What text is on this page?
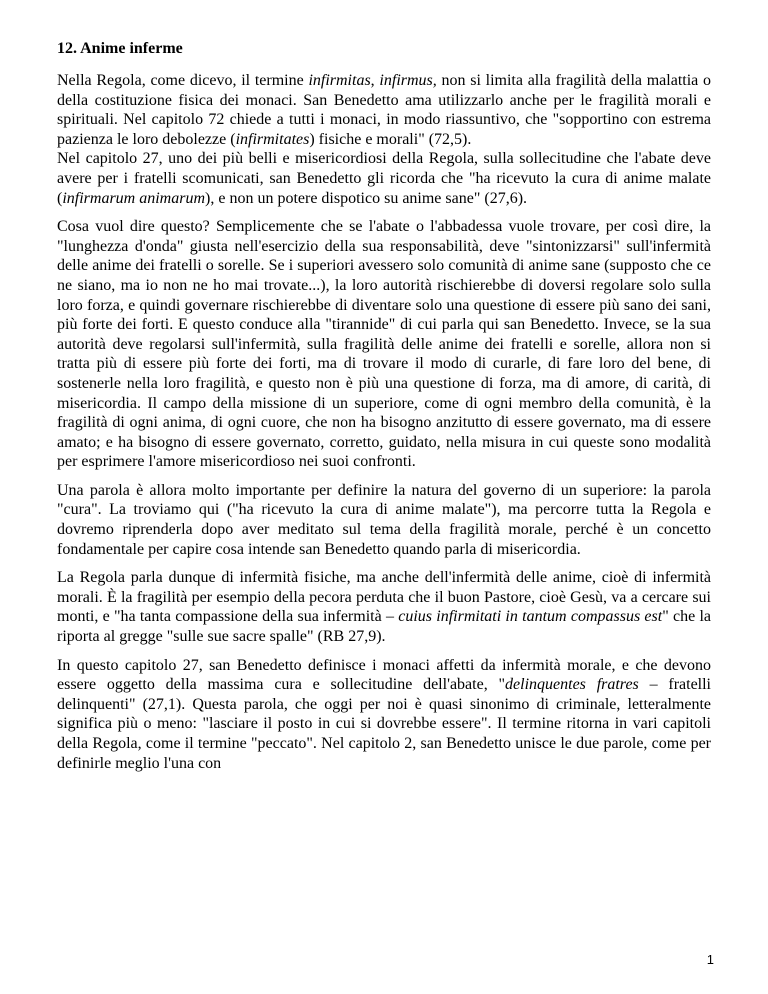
12. Anime inferme
Nella Regola, come dicevo, il termine infirmitas, infirmus, non si limita alla fragilità della malattia o della costituzione fisica dei monaci. San Benedetto ama utilizzarlo anche per le fragilità morali e spirituali. Nel capitolo 72 chiede a tutti i monaci, in modo riassuntivo, che "sopportino con estrema pazienza le loro debolezze (infirmitates) fisiche e morali" (72,5).
Nel capitolo 27, uno dei più belli e misericordiosi della Regola, sulla sollecitudine che l'abate deve avere per i fratelli scomunicati, san Benedetto gli ricorda che "ha ricevuto la cura di anime malate (infirmarum animarum), e non un potere dispotico su anime sane" (27,6).
Cosa vuol dire questo? Semplicemente che se l'abate o l'abbadessa vuole trovare, per così dire, la "lunghezza d'onda" giusta nell'esercizio della sua responsabilità, deve "sintonizzarsi" sull'infermità delle anime dei fratelli o sorelle. Se i superiori avessero solo comunità di anime sane (supposto che ce ne siano, ma io non ne ho mai trovate...), la loro autorità rischierebbe di doversi regolare solo sulla loro forza, e quindi governare rischierebbe di diventare solo una questione di essere più sano dei sani, più forte dei forti. E questo conduce alla "tirannide" di cui parla qui san Benedetto. Invece, se la sua autorità deve regolarsi sull'infermità, sulla fragilità delle anime dei fratelli e sorelle, allora non si tratta più di essere più forte dei forti, ma di trovare il modo di curarle, di fare loro del bene, di sostenerle nella loro fragilità, e questo non è più una questione di forza, ma di amore, di carità, di misericordia. Il campo della missione di un superiore, come di ogni membro della comunità, è la fragilità di ogni anima, di ogni cuore, che non ha bisogno anzitutto di essere governato, ma di essere amato; e ha bisogno di essere governato, corretto, guidato, nella misura in cui queste sono modalità per esprimere l'amore misericordioso nei suoi confronti.
Una parola è allora molto importante per definire la natura del governo di un superiore: la parola "cura". La troviamo qui ("ha ricevuto la cura di anime malate"), ma percorre tutta la Regola e dovremo riprenderla dopo aver meditato sul tema della fragilità morale, perché è un concetto fondamentale per capire cosa intende san Benedetto quando parla di misericordia.
La Regola parla dunque di infermità fisiche, ma anche dell'infermità delle anime, cioè di infermità morali. È la fragilità per esempio della pecora perduta che il buon Pastore, cioè Gesù, va a cercare sui monti, e "ha tanta compassione della sua infermità – cuius infirmitati in tantum compassus est" che la riporta al gregge "sulle sue sacre spalle" (RB 27,9).
In questo capitolo 27, san Benedetto definisce i monaci affetti da infermità morale, e che devono essere oggetto della massima cura e sollecitudine dell'abate, "delinquentes fratres – fratelli delinquenti" (27,1). Questa parola, che oggi per noi è quasi sinonimo di criminale, letteralmente significa più o meno: "lasciare il posto in cui si dovrebbe essere". Il termine ritorna in vari capitoli della Regola, come il termine "peccato". Nel capitolo 2, san Benedetto unisce le due parole, come per definirle meglio l'una con
1
